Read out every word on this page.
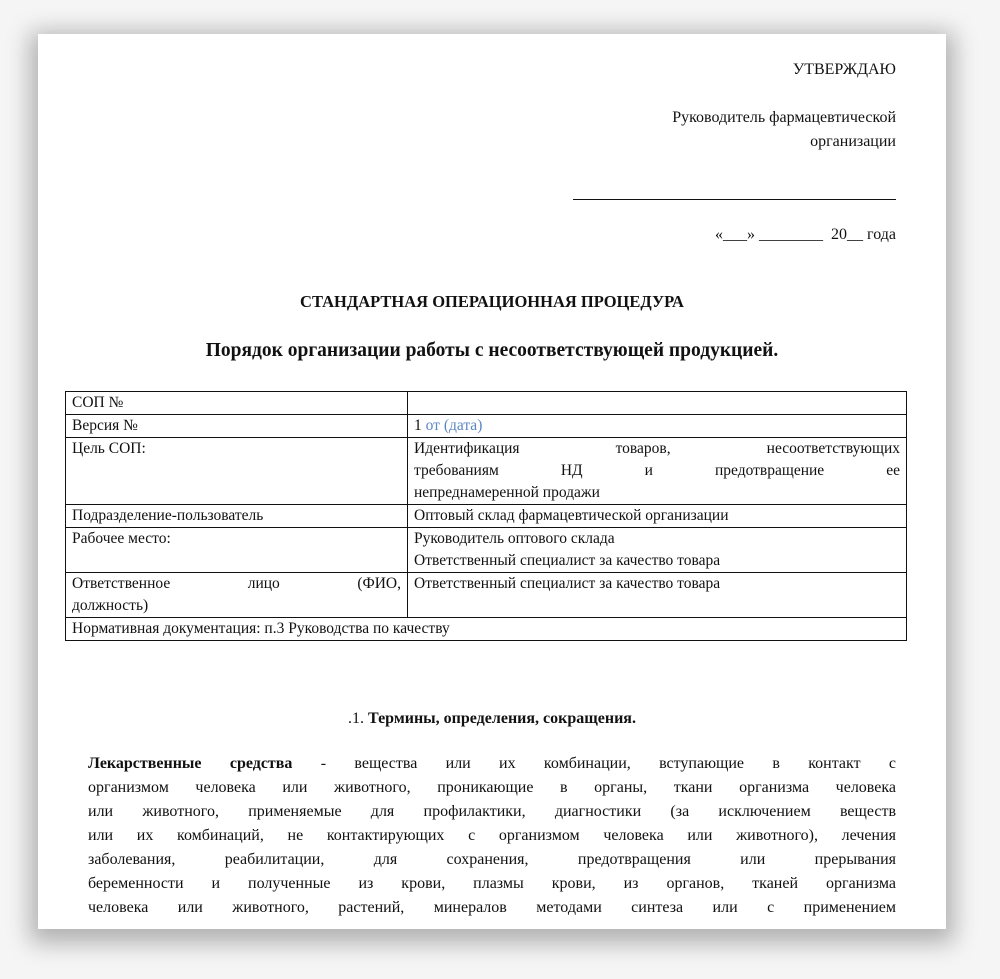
УТВЕРЖДАЮ
Руководитель фармацевтической организации
«___» ________  20__ года
СТАНДАРТНАЯ ОПЕРАЦИОННАЯ ПРОЦЕДУРА
Порядок организации работы с несоответствующей продукцией.
СОП №	
Версия №	1 от (дата)
Цель СОП:	Идентификация товаров, несоответствующих
требованиям НД и предотвращение ее
непреднамеренной продажи

Подразделение-пользователь	Оптовый склад фармацевтической организации
Рабочее место:	Руководитель оптового склада
Ответственный специалист за качество товара

Ответственное лицо (ФИО,
должность)	Ответственный специалист за качество товара
Нормативная документация: п.3 Руководства по качеству	
.1. Термины, определения, сокращения.
Лекарственные средства - вещества или их комбинации, вступающие в контакт с
организмом человека или животного, проникающие в органы, ткани организма человека
или животного, применяемые для профилактики, диагностики (за исключением веществ
или их комбинаций, не контактирующих с организмом человека или животного), лечения
заболевания, реабилитации, для сохранения, предотвращения или прерывания
беременности и полученные из крови, плазмы крови, из органов, тканей организма
человека или животного, растений, минералов методами синтеза или с применением
